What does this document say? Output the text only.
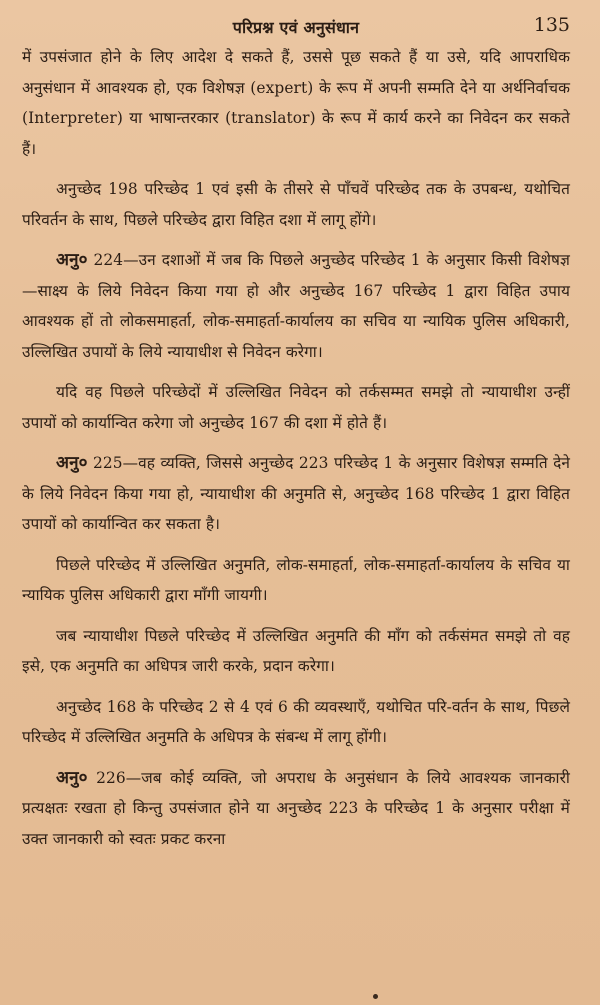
परिप्रश्न एवं अनुसंधान	135

में उपसंजात होने के लिए आदेश दे सकते हैं, उससे पूछ सकते हैं या उसे, यदि आपराधिक अनुसंधान में आवश्यक हो, एक विशेषज्ञ (expert) के रूप में अपनी सम्मति देने या अर्थनिर्वाचक (Interpreter) या भाषान्तरकार (translator) के रूप में कार्य करने का निवेदन कर सकते हैं।

अनुच्छेद 198 परिच्छेद 1 एवं इसी के तीसरे से पाँचवें परिच्छेद तक के उपबन्ध, यथोचित परिवर्तन के साथ, पिछले परिच्छेद द्वारा विहित दशा में लागू होंगे।

अनु० 224—उन दशाओं में जब कि पिछले अनुच्छेद परिच्छेद 1 के अनुसार किसी विशेषज्ञ—साक्ष्य के लिये निवेदन किया गया हो और अनुच्छेद 167 परिच्छेद 1 द्वारा विहित उपाय आवश्यक हों तो लोकसमाहर्ता, लोक-समाहर्ता-कार्यालय का सचिव या न्यायिक पुलिस अधिकारी, उल्लिखित उपायों के लिये न्यायाधीश से निवेदन करेगा।

यदि वह पिछले परिच्छेदों में उल्लिखित निवेदन को तर्कसम्मत समझे तो न्यायाधीश उन्हीं उपायों को कार्यान्वित करेगा जो अनुच्छेद 167 की दशा में होते हैं।

अनु० 225—वह व्यक्ति, जिससे अनुच्छेद 223 परिच्छेद 1 के अनुसार विशेषज्ञ सम्मति देने के लिये निवेदन किया गया हो, न्यायाधीश की अनुमति से, अनुच्छेद 168 परिच्छेद 1 द्वारा विहित उपायों को कार्यान्वित कर सकता है।

पिछले परिच्छेद में उल्लिखित अनुमति, लोक-समाहर्ता, लोक-समाहर्ता-कार्यालय के सचिव या न्यायिक पुलिस अधिकारी द्वारा माँगी जायगी।

जब न्यायाधीश पिछले परिच्छेद में उल्लिखित अनुमति की माँग को तर्कसंमत समझे तो वह इसे, एक अनुमति का अधिपत्र जारी करके, प्रदान करेगा।

अनुच्छेद 168 के परिच्छेद 2 से 4 एवं 6 की व्यवस्थाएँ, यथोचित परि-वर्तन के साथ, पिछले परिच्छेद में उल्लिखित अनुमति के अधिपत्र के संबन्ध में लागू होंगी।

अनु० 226—जब कोई व्यक्ति, जो अपराध के अनुसंधान के लिये आवश्यक जानकारी प्रत्यक्षतः रखता हो किन्तु उपसंजात होने या अनुच्छेद 223 के परिच्छेद 1 के अनुसार परीक्षा में उक्त जानकारी को स्वतः प्रकट करना
